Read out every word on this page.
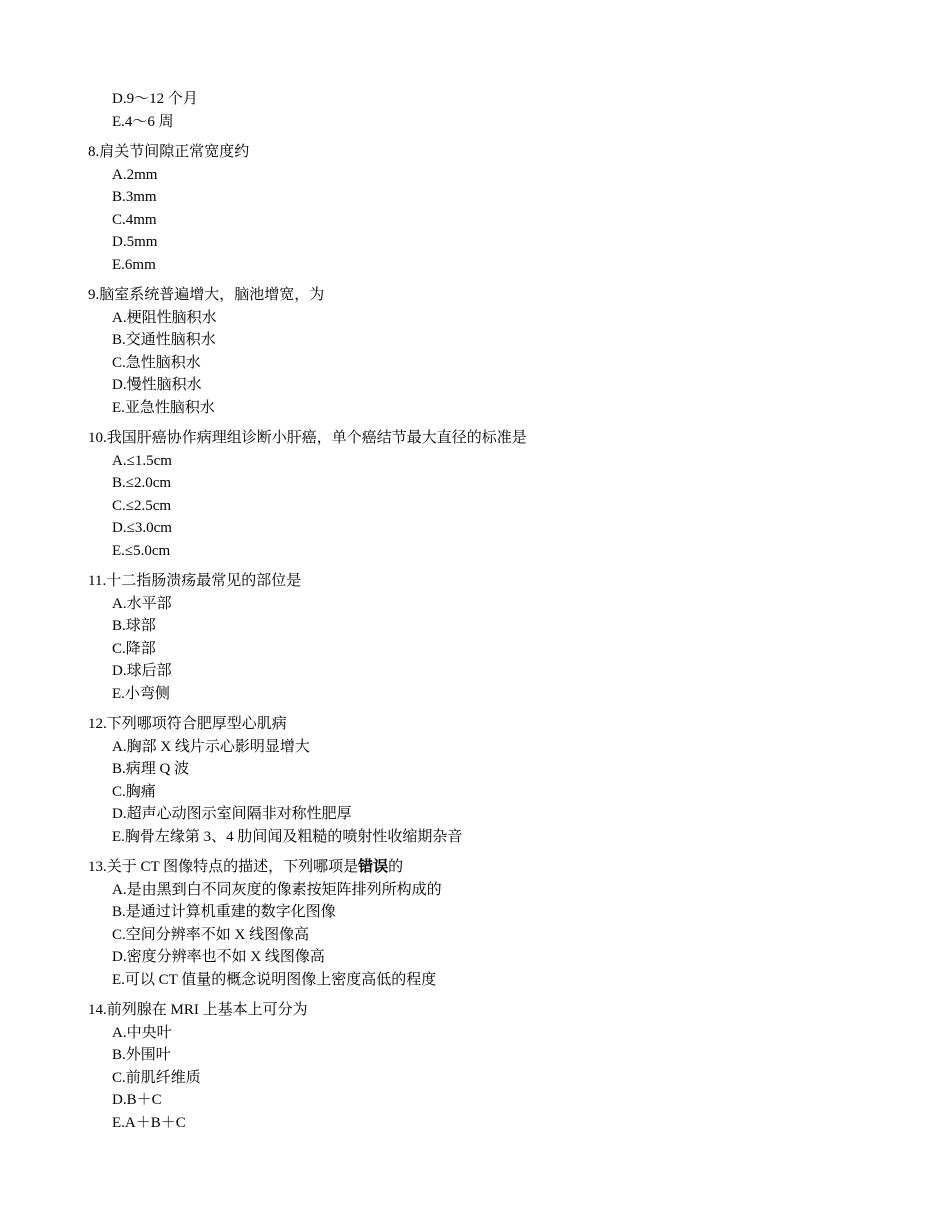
D.9～12 个月
E.4～6 周
8.肩关节间隙正常宽度约
A.2mm
B.3mm
C.4mm
D.5mm
E.6mm
9.脑室系统普遍增大，脑池增宽，为
A.梗阻性脑积水
B.交通性脑积水
C.急性脑积水
D.慢性脑积水
E.亚急性脑积水
10.我国肝癌协作病理组诊断小肝癌，单个癌结节最大直径的标准是
A.≤1.5cm
B.≤2.0cm
C.≤2.5cm
D.≤3.0cm
E.≤5.0cm
11.十二指肠溃疡最常见的部位是
A.水平部
B.球部
C.降部
D.球后部
E.小弯侧
12.下列哪项符合肥厚型心肌病
A.胸部 X 线片示心影明显增大
B.病理 Q 波
C.胸痛
D.超声心动图示室间隔非对称性肥厚
E.胸骨左缘第 3、4 肋间闻及粗糙的喷射性收缩期杂音
13.关于 CT 图像特点的描述，下列哪项是错误的
A.是由黑到白不同灰度的像素按矩阵排列所构成的
B.是通过计算机重建的数字化图像
C.空间分辨率不如 X 线图像高
D.密度分辨率也不如 X 线图像高
E.可以 CT 值量的概念说明图像上密度高低的程度
14.前列腺在 MRI 上基本上可分为
A.中央叶
B.外围叶
C.前肌纤维质
D.B＋C
E.A＋B＋C
